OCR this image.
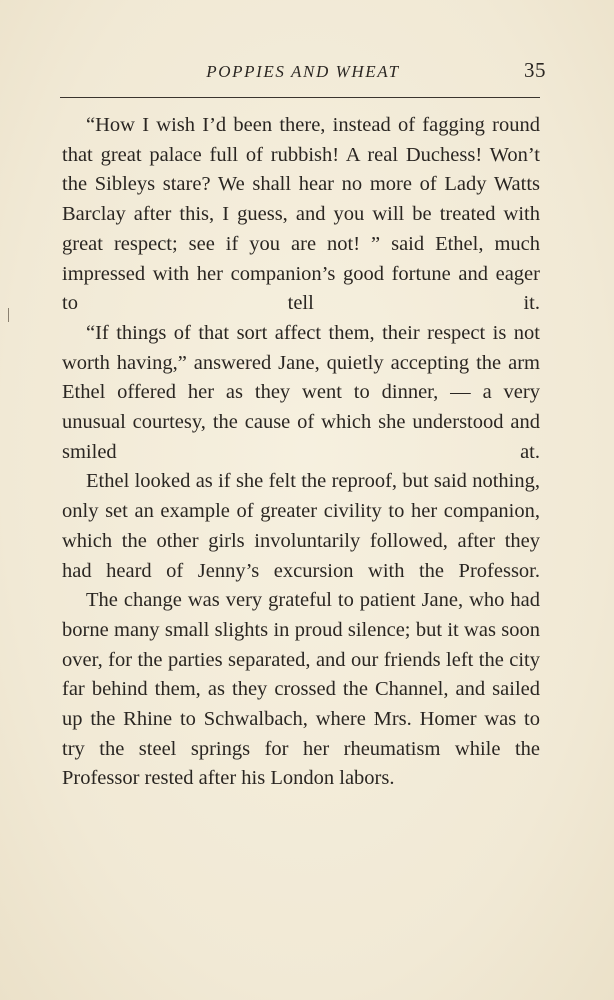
POPPIES AND WHEAT	35

“How I wish I’d been there, instead of fagging round that great palace full of rubbish! A real Duchess! Won’t the Sibleys stare? We shall hear no more of Lady Watts Barclay after this, I guess, and you will be treated with great respect; see if you are not! ” said Ethel, much impressed with her companion’s good fortune and eager to tell it.

“If things of that sort affect them, their respect is not worth having,” answered Jane, quietly accepting the arm Ethel offered her as they went to dinner, — a very unusual courtesy, the cause of which she understood and smiled at.

Ethel looked as if she felt the reproof, but said nothing, only set an example of greater civility to her companion, which the other girls involuntarily followed, after they had heard of Jenny’s excursion with the Professor.

The change was very grateful to patient Jane, who had borne many small slights in proud silence; but it was soon over, for the parties separated, and our friends left the city far behind them, as they crossed the Channel, and sailed up the Rhine to Schwalbach, where Mrs. Homer was to try the steel springs for her rheumatism while the Professor rested after his London labors.
